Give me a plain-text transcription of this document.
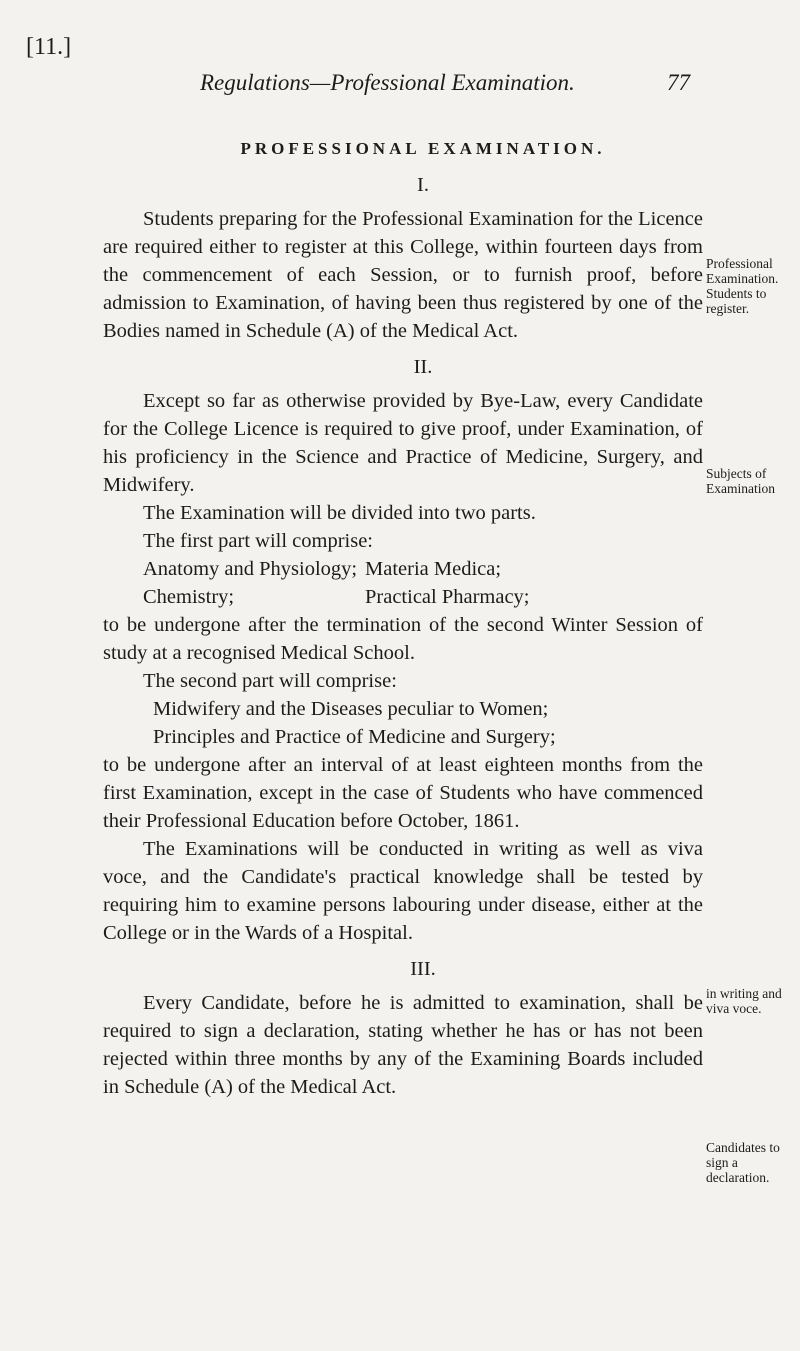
[11.]
Regulations—Professional Examination.	77
PROFESSIONAL EXAMINATION.
I.

Students preparing for the Professional Examination for the Licence are required either to register at this College, within fourteen days from the commencement of each Session, or to furnish proof, before admission to Examination, of having been thus registered by one of the Bodies named in Schedule (A) of the Medical Act.

II.

Except so far as otherwise provided by Bye-Law, every Candidate for the College Licence is required to give proof, under Examination, of his proficiency in the Science and Practice of Medicine, Surgery, and Midwifery.

The Examination will be divided into two parts.

The first part will comprise:

Anatomy and Physiology; Materia Medica;
Chemistry;	Practical Pharmacy;

to be undergone after the termination of the second Winter Session of study at a recognised Medical School.

The second part will comprise:

Midwifery and the Diseases peculiar to Women;
Principles and Practice of Medicine and Surgery;

to be undergone after an interval of at least eighteen months from the first Examination, except in the case of Students who have commenced their Professional Education before October, 1861.

The Examinations will be conducted in writing as well as viva voce, and the Candidate's practical knowledge shall be tested by requiring him to examine persons labouring under disease, either at the College or in the Wards of a Hospital.

III.

Every Candidate, before he is admitted to examination, shall be required to sign a declaration, stating whether he has or has not been rejected within three months by any of the Examining Boards included in Schedule (A) of the Medical Act.

Professional Examination. Students to register.
Subjects of Examination
in writing and viva voce.
Candidates to sign a declaration.
